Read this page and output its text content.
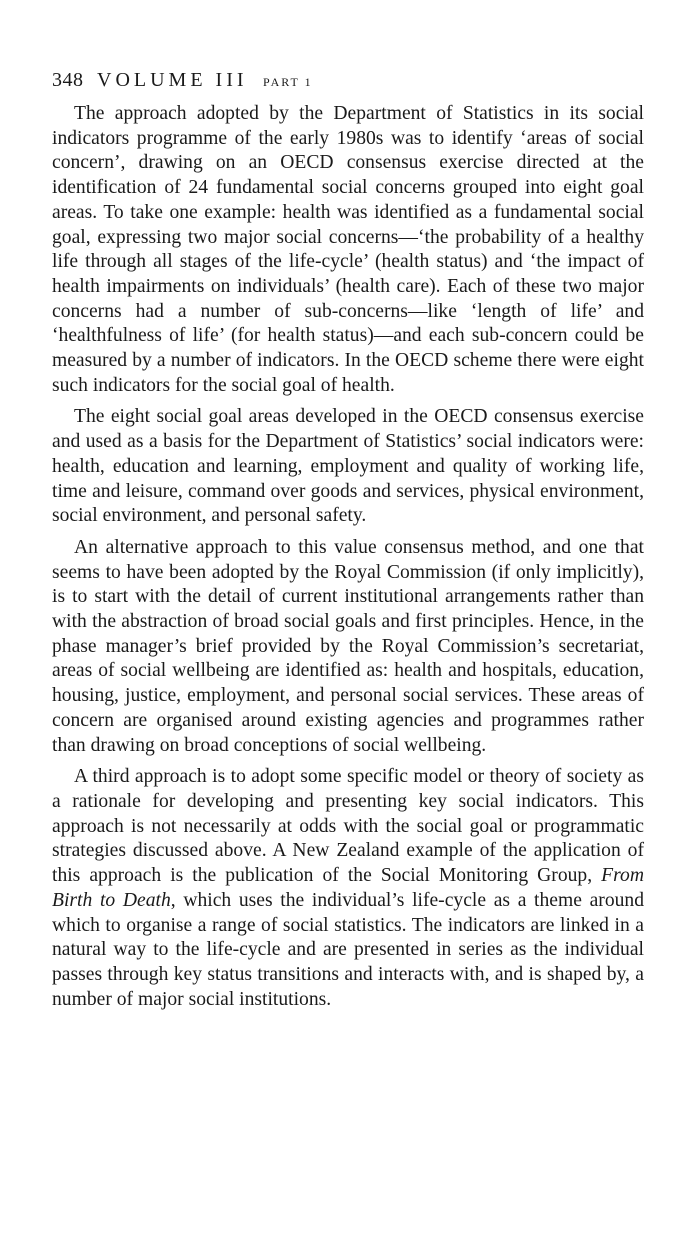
348 VOLUME III PART 1

The approach adopted by the Department of Statistics in its social indicators programme of the early 1980s was to identify ‘areas of social concern’, drawing on an OECD consensus exercise directed at the identification of 24 fundamental social concerns grouped into eight goal areas. To take one example: health was identified as a fundamental social goal, expressing two major social concerns—‘the probability of a healthy life through all stages of the life-cycle’ (health status) and ‘the impact of health impairments on individuals’ (health care). Each of these two major concerns had a number of sub-concerns—like ‘length of life’ and ‘healthfulness of life’ (for health status)—and each sub-concern could be measured by a number of indicators. In the OECD scheme there were eight such indicators for the social goal of health.

The eight social goal areas developed in the OECD consensus exercise and used as a basis for the Department of Statistics’ social indicators were: health, education and learning, employment and quality of working life, time and leisure, command over goods and services, physical environment, social environment, and personal safety.

An alternative approach to this value consensus method, and one that seems to have been adopted by the Royal Commission (if only implicitly), is to start with the detail of current institutional arrangements rather than with the abstraction of broad social goals and first principles. Hence, in the phase manager’s brief provided by the Royal Commission’s secretariat, areas of social wellbeing are identified as: health and hospitals, education, housing, justice, employment, and personal social services. These areas of concern are organised around existing agencies and programmes rather than drawing on broad conceptions of social wellbeing.

A third approach is to adopt some specific model or theory of society as a rationale for developing and presenting key social indicators. This approach is not necessarily at odds with the social goal or programmatic strategies discussed above. A New Zealand example of the application of this approach is the publication of the Social Monitoring Group, From Birth to Death, which uses the individual’s life-cycle as a theme around which to organise a range of social statistics. The indicators are linked in a natural way to the life-cycle and are presented in series as the individual passes through key status transitions and interacts with, and is shaped by, a number of major social institutions.
